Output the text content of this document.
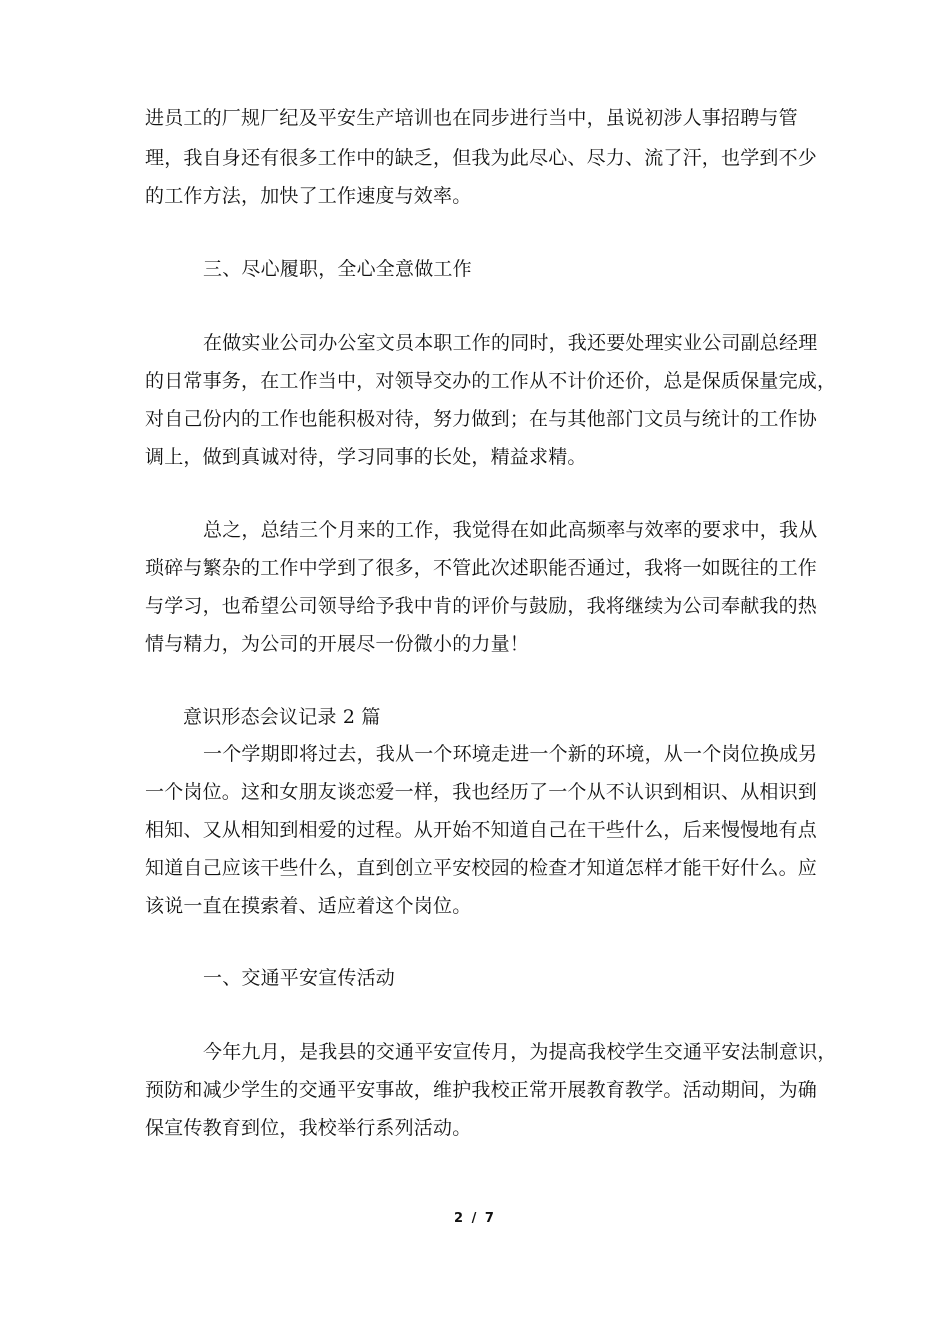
进员工的厂规厂纪及平安生产培训也在同步进行当中，虽说初涉人事招聘与管
理，我自身还有很多工作中的缺乏，但我为此尽心、尽力、流了汗，也学到不少
的工作方法，加快了工作速度与效率。
三、尽心履职，全心全意做工作
在做实业公司办公室文员本职工作的同时，我还要处理实业公司副总经理
的日常事务，在工作当中，对领导交办的工作从不计价还价，总是保质保量完成，
对自己份内的工作也能积极对待，努力做到；在与其他部门文员与统计的工作协
调上，做到真诚对待，学习同事的长处，精益求精。
总之，总结三个月来的工作，我觉得在如此高频率与效率的要求中，我从
琐碎与繁杂的工作中学到了很多，不管此次述职能否通过，我将一如既往的工作
与学习，也希望公司领导给予我中肯的评价与鼓励，我将继续为公司奉献我的热
情与精力，为公司的开展尽一份微小的力量！
意识形态会议记录 2 篇
一个学期即将过去，我从一个环境走进一个新的环境，从一个岗位换成另
一个岗位。这和女朋友谈恋爱一样，我也经历了一个从不认识到相识、从相识到
相知、又从相知到相爱的过程。从开始不知道自己在干些什么，后来慢慢地有点
知道自己应该干些什么，直到创立平安校园的检查才知道怎样才能干好什么。应
该说一直在摸索着、适应着这个岗位。
一、交通平安宣传活动
今年九月，是我县的交通平安宣传月，为提高我校学生交通平安法制意识，
预防和减少学生的交通平安事故，维护我校正常开展教育教学。活动期间，为确
保宣传教育到位，我校举行系列活动。
2 / 7
